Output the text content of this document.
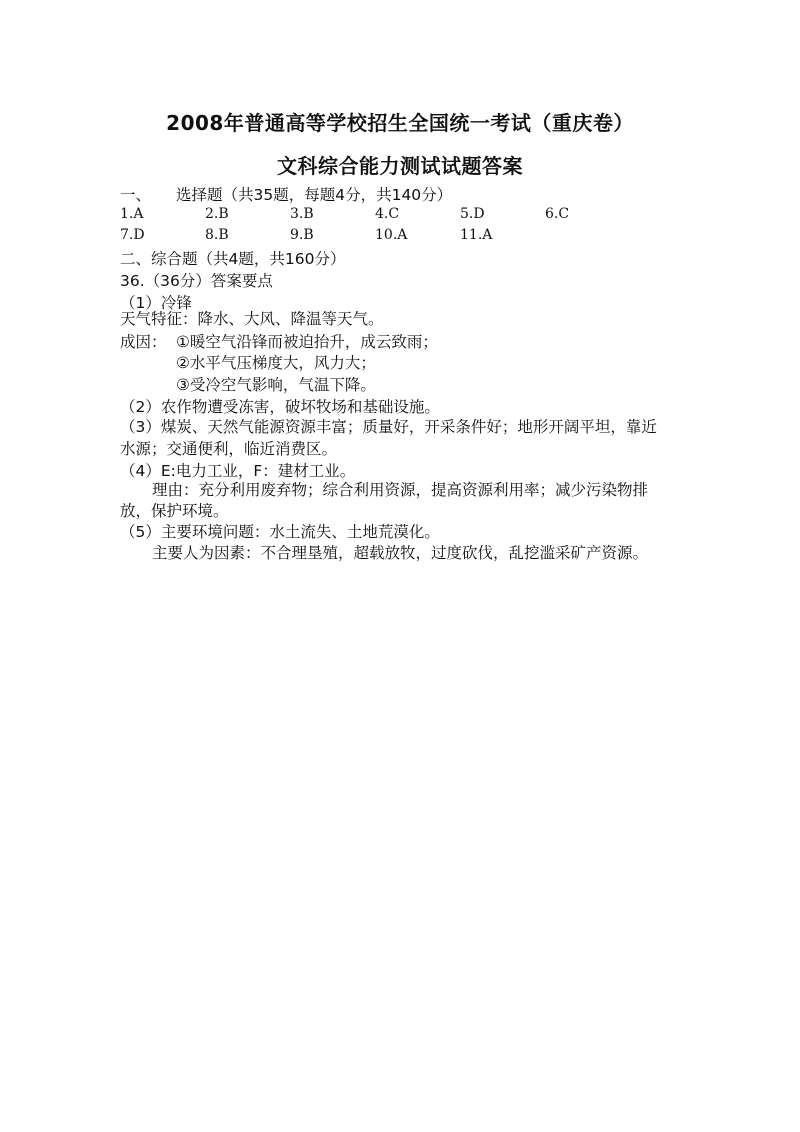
2008年普通高等学校招生全国统一考试（重庆卷）
文科综合能力测试试题答案
一、 选择题（共35题，每题4分，共140分）
1.A	2.B	3.B	4.C	5.D	6.C
7.D	8.B	9.B	10.A	11.A
二、综合题（共4题，共160分）
36.（36分）答案要点
（1）冷锋
天气特征：降水、大风、降温等天气。
成因： ①暖空气沿锋而被迫抬升，成云致雨；
②水平气压梯度大，风力大；
③受冷空气影响，气温下降。
（2）农作物遭受冻害，破坏牧场和基础设施。
（3）煤炭、天然气能源资源丰富；质量好，开采条件好；地形开阔平坦，靠近
水源；交通便利，临近消费区。
（4）E:电力工业，F：建材工业。
理由：充分利用废弃物；综合利用资源，提高资源利用率；减少污染物排
放，保护环境。
（5）主要环境问题：水土流失、土地荒漠化。
主要人为因素：不合理垦殖，超载放牧，过度砍伐，乱挖滥采矿产资源。
